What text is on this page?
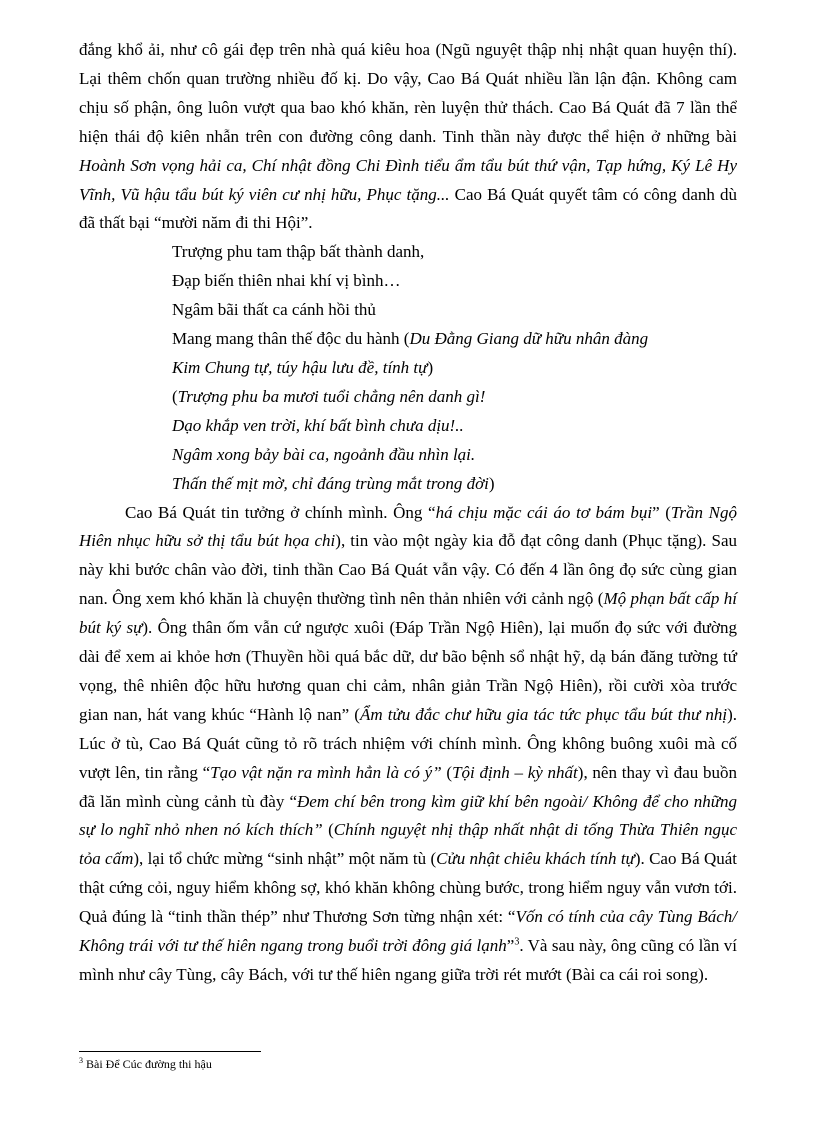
đắng khổ ải, như cô gái đẹp trên nhà quá kiêu hoa (Ngũ nguyệt thập nhị nhật quan huyện thí). Lại thêm chốn quan trường nhiều đố kị. Do vậy, Cao Bá Quát nhiều lần lận đận. Không cam chịu số phận, ông luôn vượt qua bao khó khăn, rèn luyện thử thách. Cao Bá Quát đã 7 lần thể hiện thái độ kiên nhẫn trên con đường công danh. Tinh thần này được thể hiện ở những bài Hoành Sơn vọng hải ca, Chí nhật đồng Chi Đình tiểu ẩm tẩu bút thứ vận, Tạp hứng, Ký Lê Hy Vĩnh, Vũ hậu tẩu bút ký viên cư nhị hữu, Phục tặng... Cao Bá Quát quyết tâm có công danh dù đã thất bại “mười năm đi thi Hội”.

Trượng phu tam thập bất thành danh,
Đạp biến thiên nhai khí vị bình…
Ngâm bãi thất ca cánh hồi thủ
Mang mang thân thế độc du hành (Du Đằng Giang dữ hữu nhân đàng
Kim Chung tự, túy hậu lưu đề, tính tự)
(Trượng phu ba mươi tuổi chẳng nên danh gì!
Dạo khắp ven trời, khí bất bình chưa dịu!..
Ngâm xong bảy bài ca, ngoảnh đầu nhìn lại.
Thấn thế mịt mờ, chỉ đáng trùng mắt trong đời)

Cao Bá Quát tin tưởng ở chính mình. Ông “há chịu mặc cái áo tơ bám bụi” (Trần Ngộ Hiên nhục hữu sở thị tẩu bút họa chi), tin vào một ngày kia đỗ đạt công danh (Phục tặng). Sau này khi bước chân vào đời, tinh thần Cao Bá Quát vẫn vậy. Có đến 4 lần ông đọ sức cùng gian nan. Ông xem khó khăn là chuyện thường tình nên thản nhiên với cảnh ngộ (Mộ phạn bất cấp hí bút ký sự). Ông thân ốm vẫn cứ ngược xuôi (Đáp Trần Ngộ Hiên), lại muốn đọ sức với đường dài để xem ai khỏe hơn (Thuyền hồi quá bắc dữ, dư bão bệnh sổ nhật hỹ, dạ bán đăng tường tứ vọng, thê nhiên độc hữu hương quan chi cảm, nhân giản Trần Ngộ Hiên), rồi cười xòa trước gian nan, hát vang khúc “Hành lộ nan” (Ẩm tửu đắc chư hữu gia tác tức phục tẩu bút thư nhị). Lúc ở tù, Cao Bá Quát cũng tỏ rõ trách nhiệm với chính mình. Ông không buông xuôi mà cố vượt lên, tin rằng “Tạo vật nặn ra mình hẳn là có ý” (Tội định – kỳ nhất), nên thay vì đau buồn đã lăn mình cùng cảnh tù đày “Đem chí bên trong kìm giữ khí bên ngoài/ Không để cho những sự lo nghĩ nhỏ nhen nó kích thích” (Chính nguyệt nhị thập nhất nhật di tống Thừa Thiên ngục tỏa cấm), lại tổ chức mừng “sinh nhật” một năm tù (Cửu nhật chiêu khách tính tự). Cao Bá Quát thật cứng cỏi, nguy hiểm không sợ, khó khăn không chùng bước, trong hiểm nguy vẫn vươn tới. Quả đúng là “tinh thần thép” như Thương Sơn từng nhận xét: “Vốn có tính của cây Tùng Bách/ Không trái với tư thế hiên ngang trong buổi trời đông giá lạnh”$^3$. Và sau này, ông cũng có lần ví mình như cây Tùng, cây Bách, với tư thế hiên ngang giữa trời rét mướt (Bài ca cái roi song).

$^3$ Bài Để Cúc đường thi hậu
